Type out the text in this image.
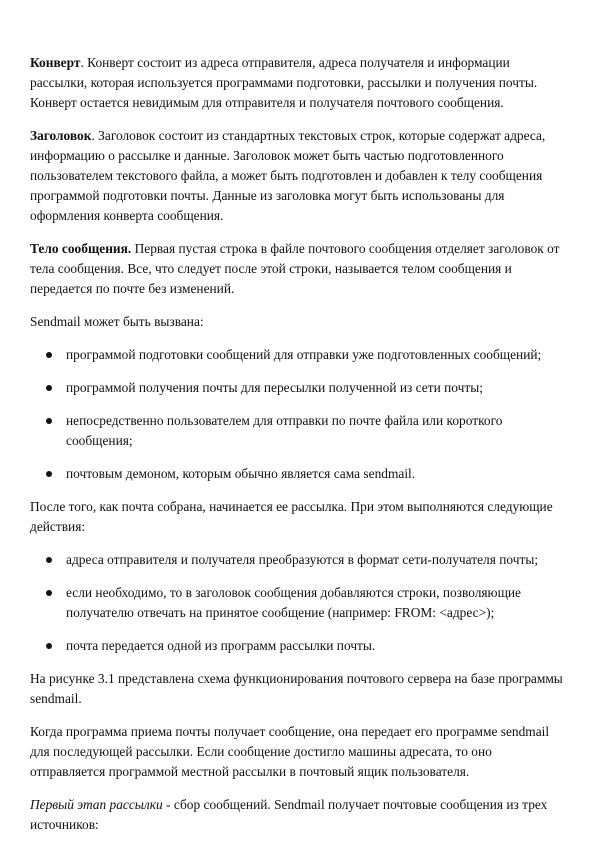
Конверт. Конверт состоит из адреса отправителя, адреса получателя и информации рассылки, которая используется программами подготовки, рассылки и получения почты. Конверт остается невидимым для отправителя и получателя почтового сообщения.

Заголовок. Заголовок состоит из стандартных текстовых строк, которые содержат адреса, информацию о рассылке и данные. Заголовок может быть частью подготовленного пользователем текстового файла, а может быть подготовлен и добавлен к телу сообщения программой подготовки почты. Данные из заголовка могут быть использованы для оформления конверта сообщения.

Тело сообщения. Первая пустая строка в файле почтового сообщения отделяет заголовок от тела сообщения. Все, что следует после этой строки, называется телом сообщения и передается по почте без изменений.

Sendmail может быть вызвана:

программой подготовки сообщений для отправки уже подготовленных сообщений;
программой получения почты для пересылки полученной из сети почты;
непосредственно пользователем для отправки по почте файла или короткого сообщения;
почтовым демоном, которым обычно является сама sendmail.

После того, как почта собрана, начинается ее рассылка. При этом выполняются следующие действия:

адреса отправителя и получателя преобразуются в формат сети-получателя почты;
если необходимо, то в заголовок сообщения добавляются строки, позволяющие получателю отвечать на принятое сообщение (например: FROM: <адрес>);
почта передается одной из программ рассылки почты.

На рисунке 3.1 представлена схема функционирования почтового сервера на базе программы sendmail.

Когда программа приема почты получает сообщение, она передает его программе sendmail для последующей рассылки. Если сообщение достигло машины адресата, то оно отправляется программой местной рассылки в почтовый ящик пользователя.

Первый этап рассылки - сбор сообщений. Sendmail получает почтовые сообщения из трех источников:
